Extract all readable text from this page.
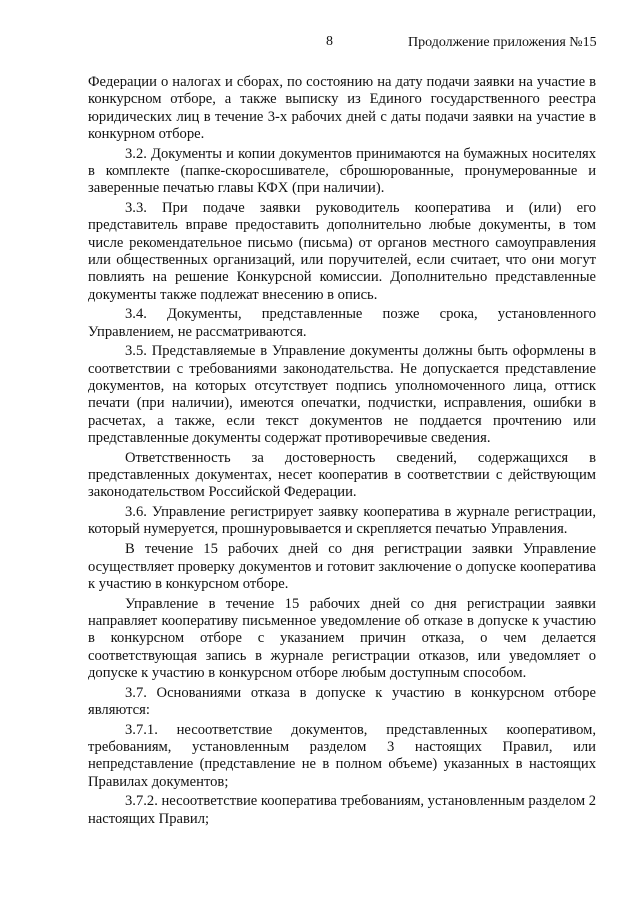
8	Продолжение приложения №15

Федерации о налогах и сборах, по состоянию на дату подачи заявки на участие в конкурсном отборе, а также выписку из Единого государственного реестра юридических лиц в течение 3-х рабочих дней с даты подачи заявки на участие в конкурном отборе.

3.2. Документы и копии документов принимаются на бумажных носителях в комплекте (папке-скоросшивателе, сброшюрованные, пронумерованные и заверенные печатью главы КФХ (при наличии).

3.3. При подаче заявки руководитель кооператива и (или) его представитель вправе предоставить дополнительно любые документы, в том числе рекомендательное письмо (письма) от органов местного самоуправления или общественных организаций, или поручителей, если считает, что они могут повлиять на решение Конкурсной комиссии. Дополнительно представленные документы также подлежат внесению в опись.

3.4. Документы, представленные позже срока, установленного Управлением, не рассматриваются.

3.5. Представляемые в Управление документы должны быть оформлены в соответствии с требованиями законодательства. Не допускается представление документов, на которых отсутствует подпись уполномоченного лица, оттиск печати (при наличии), имеются опечатки, подчистки, исправления, ошибки в расчетах, а также, если текст документов не поддается прочтению или представленные документы содержат противоречивые сведения.

Ответственность за достоверность сведений, содержащихся в представленных документах, несет кооператив в соответствии с действующим законодательством Российской Федерации.

3.6. Управление регистрирует заявку кооператива в журнале регистрации, который нумеруется, прошнуровывается и скрепляется печатью Управления.

В течение 15 рабочих дней со дня регистрации заявки Управление осуществляет проверку документов и готовит заключение о допуске кооператива к участию в конкурсном отборе.

Управление в течение 15 рабочих дней со дня регистрации заявки направляет кооперативу письменное уведомление об отказе в допуске к участию в конкурсном отборе с указанием причин отказа, о чем делается соответствующая запись в журнале регистрации отказов, или уведомляет о допуске к участию в конкурсном отборе любым доступным способом.

3.7. Основаниями отказа в допуске к участию в конкурсном отборе являются:

3.7.1. несоответствие документов, представленных кооперативом, требованиям, установленным разделом 3 настоящих Правил, или непредставление (представление не в полном объеме) указанных в настоящих Правилах документов;

3.7.2. несоответствие кооператива требованиям, установленным разделом 2 настоящих Правил;
